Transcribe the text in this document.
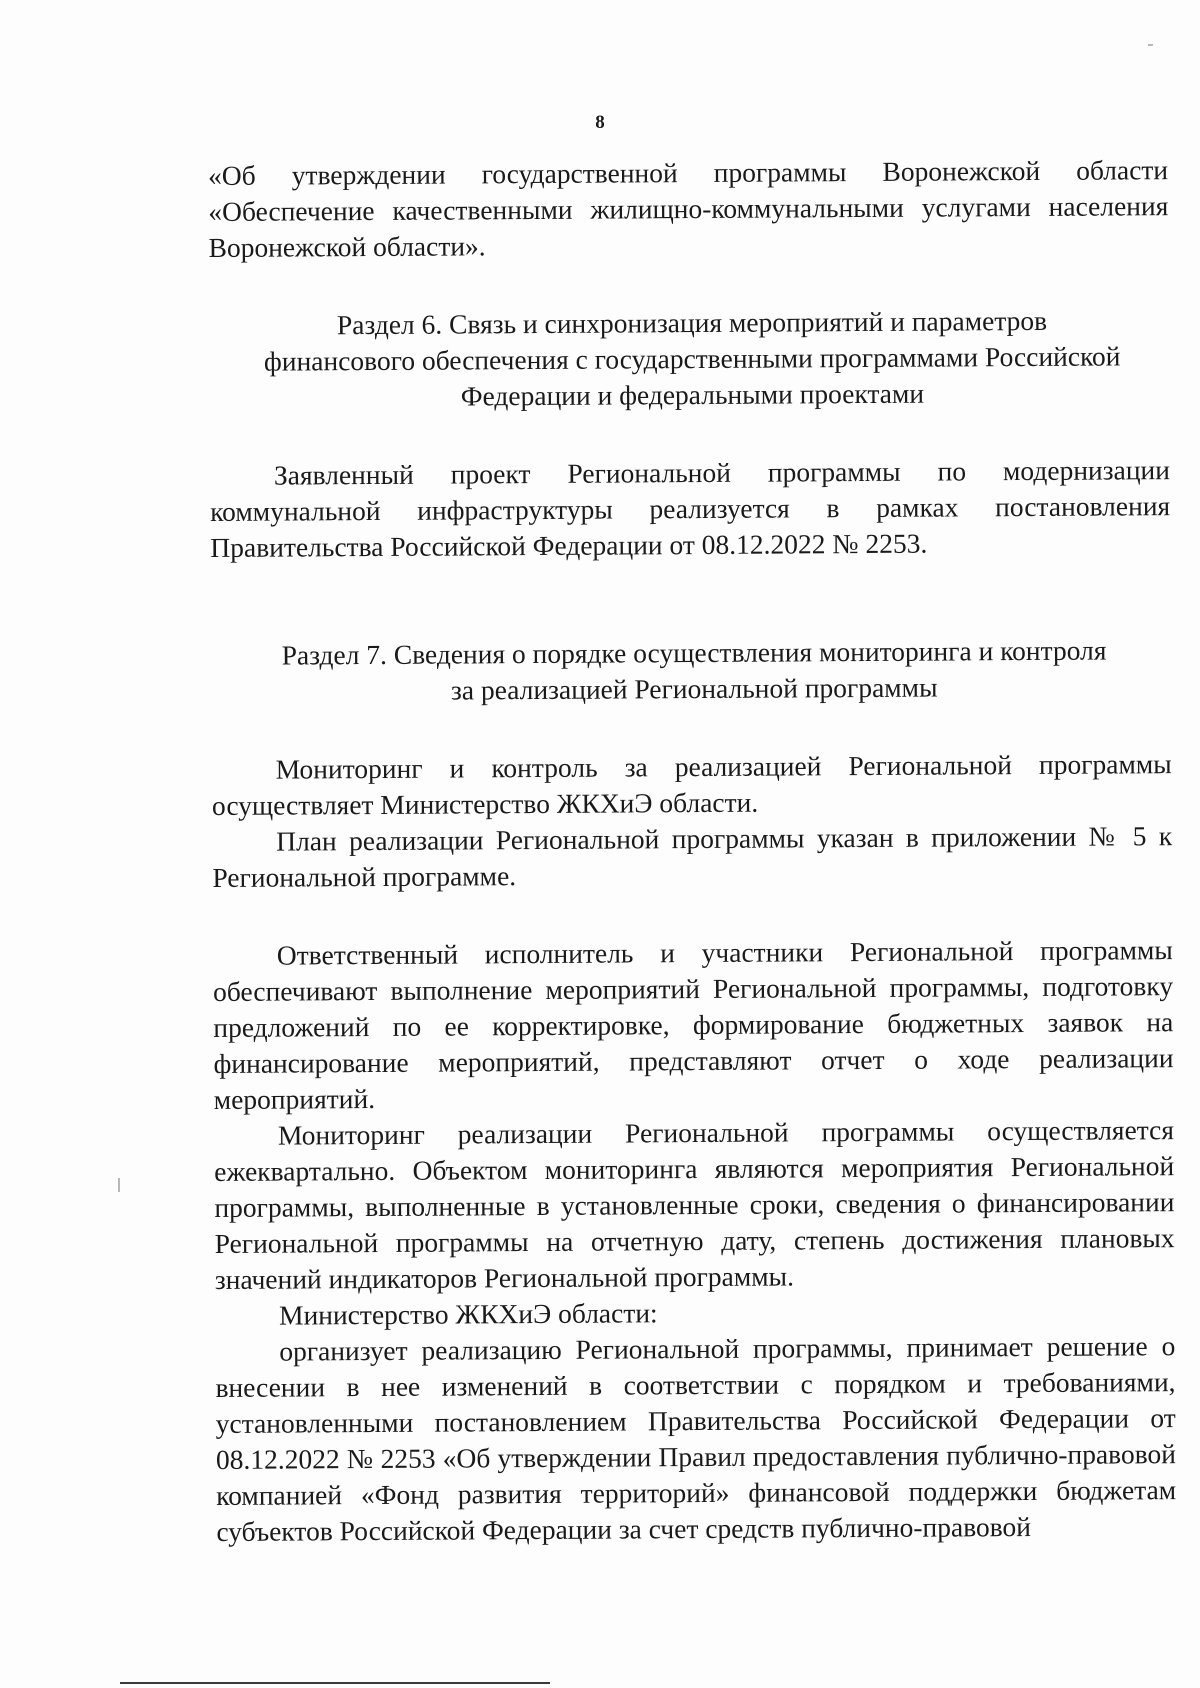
8

«Об утверждении государственной программы Воронежской области «Обеспечение качественными жилищно-коммунальными услугами населения Воронежской области».

Раздел 6. Связь и синхронизация мероприятий и параметров

финансового обеспечения с государственными программами Российской

Федерации и федеральными проектами

Заявленный проект Региональной программы по модернизации коммунальной инфраструктуры реализуется в рамках постановления Правительства Российской Федерации от 08.12.2022 № 2253.

Раздел 7. Сведения о порядке осуществления мониторинга и контроля

за реализацией Региональной программы

Мониторинг и контроль за реализацией Региональной программы осуществляет Министерство ЖКХиЭ области.

План реализации Региональной программы указан в приложении № 5 к Региональной программе.

Ответственный исполнитель и участники Региональной программы обеспечивают выполнение мероприятий Региональной программы, подготовку предложений по ее корректировке, формирование бюджетных заявок на финансирование мероприятий, представляют отчет о ходе реализации мероприятий.

Мониторинг реализации Региональной программы осуществляется ежеквартально. Объектом мониторинга являются мероприятия Региональной программы, выполненные в установленные сроки, сведения о финансировании Региональной программы на отчетную дату, степень достижения плановых значений индикаторов Региональной программы.

Министерство ЖКХиЭ области:

организует реализацию Региональной программы, принимает решение о внесении в нее изменений в соответствии с порядком и требованиями, установленными постановлением Правительства Российской Федерации от 08.12.2022 № 2253 «Об утверждении Правил предоставления публично-правовой компанией «Фонд развития территорий» финансовой поддержки бюджетам субъектов Российской Федерации за счет средств публично-правовой
